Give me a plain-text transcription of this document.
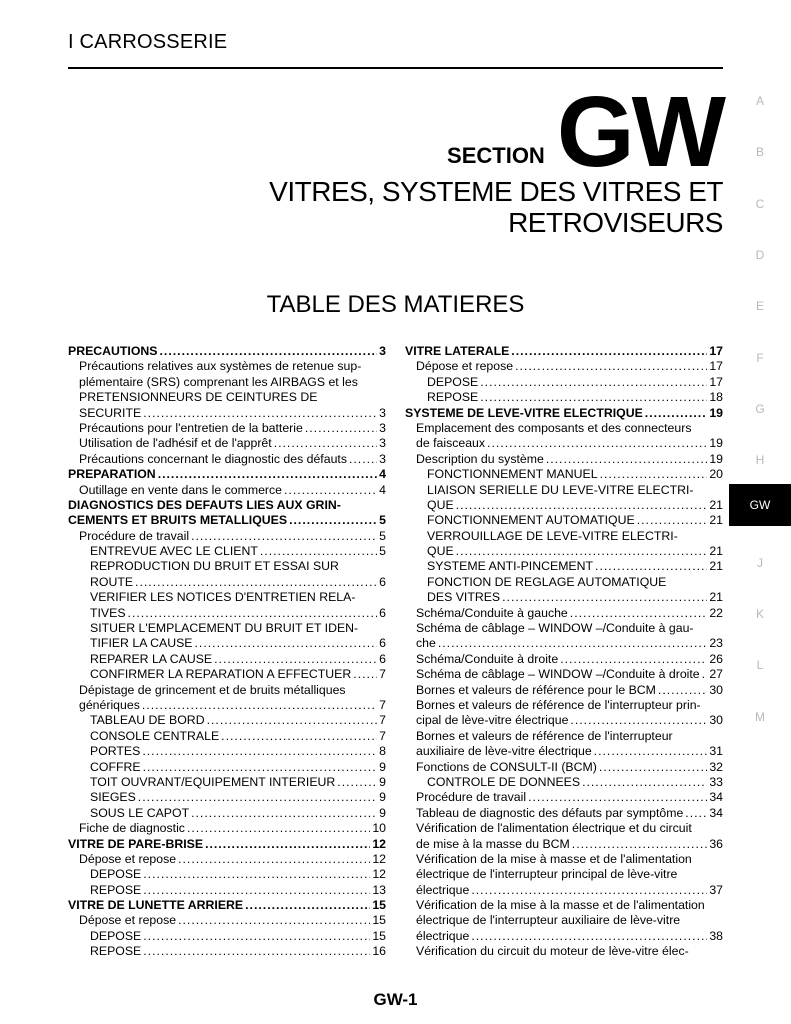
I CARROSSERIE
SECTION GW
VITRES, SYSTEME DES VITRES ET
RETROVISEURS
TABLE DES MATIERES
A
B
C
D
E
F
G
H
GW
J
K
L
M
PRECAUTIONS .....	3
Précautions relatives aux systèmes de retenue sup-
plémentaire (SRS) comprenant les AIRBAGS et les
PRETENSIONNEURS DE CEINTURES DE
SECURITE .....	3
Précautions pour l'entretien de la batterie .....	3
Utilisation de l'adhésif et de l'apprêt .....	3
Précautions concernant le diagnostic des défauts .....	3
PREPARATION .....	4
Outillage en vente dans le commerce .....	4
DIAGNOSTICS DES DEFAUTS LIES AUX GRIN-
CEMENTS ET BRUITS METALLIQUES .....	5
Procédure de travail .....	5
ENTREVUE AVEC LE CLIENT .....	5
REPRODUCTION DU BRUIT ET ESSAI SUR
ROUTE .....	6
VERIFIER LES NOTICES D'ENTRETIEN RELA-
TIVES .....	6
SITUER L'EMPLACEMENT DU BRUIT ET IDEN-
TIFIER LA CAUSE .....	6
REPARER LA CAUSE .....	6
CONFIRMER LA REPARATION A EFFECTUER ..... 7
Dépistage de grincement et de bruits métalliques
génériques .....	7
TABLEAU DE BORD .....	7
CONSOLE CENTRALE .....	7
PORTES .....	8
COFFRE .....	9
TOIT OUVRANT/EQUIPEMENT INTERIEUR .....	9
SIEGES .....	9
SOUS LE CAPOT .....	9
Fiche de diagnostic .....	10
VITRE DE PARE-BRISE .....	12
Dépose et repose .....	12
DEPOSE .....	12
REPOSE .....	13
VITRE DE LUNETTE ARRIERE .....	15
Dépose et repose .....	15
DEPOSE .....	15
REPOSE .....	16
VITRE LATERALE .....	17
Dépose et repose .....	17
DEPOSE .....	17
REPOSE .....	18
SYSTEME DE LEVE-VITRE ELECTRIQUE .....	19
Emplacement des composants et des connecteurs
de faisceaux .....	19
Description du système .....	19
FONCTIONNEMENT MANUEL .....	20
LIAISON SERIELLE DU LEVE-VITRE ELECTRI-
QUE .....	21
FONCTIONNEMENT AUTOMATIQUE .....	21
VERROUILLAGE DE LEVE-VITRE ELECTRI-
QUE .....	21
SYSTEME ANTI-PINCEMENT .....	21
FONCTION DE REGLAGE AUTOMATIQUE
DES VITRES .....	21
Schéma/Conduite à gauche .....	22
Schéma de câblage – WINDOW –/Conduite à gau-
che .....	23
Schéma/Conduite à droite .....	26
Schéma de câblage – WINDOW –/Conduite à droite ..... 27
Bornes et valeurs de référence pour le BCM .....	30
Bornes et valeurs de référence de l'interrupteur prin-
cipal de lève-vitre électrique .....	30
Bornes et valeurs de référence de l'interrupteur
auxiliaire de lève-vitre électrique .....	31
Fonctions de CONSULT-II (BCM) .....	32
CONTROLE DE DONNEES .....	33
Procédure de travail .....	34
Tableau de diagnostic des défauts par symptôme ..... 34
Vérification de l'alimentation électrique et du circuit
de mise à la masse du BCM .....	36
Vérification de la mise à masse et de l'alimentation
électrique de l'interrupteur principal de lève-vitre
électrique .....	37
Vérification de la mise à la masse et de l'alimentation
électrique de l'interrupteur auxiliaire de lève-vitre
électrique .....	38
Vérification du circuit du moteur de lève-vitre élec-
GW-1
